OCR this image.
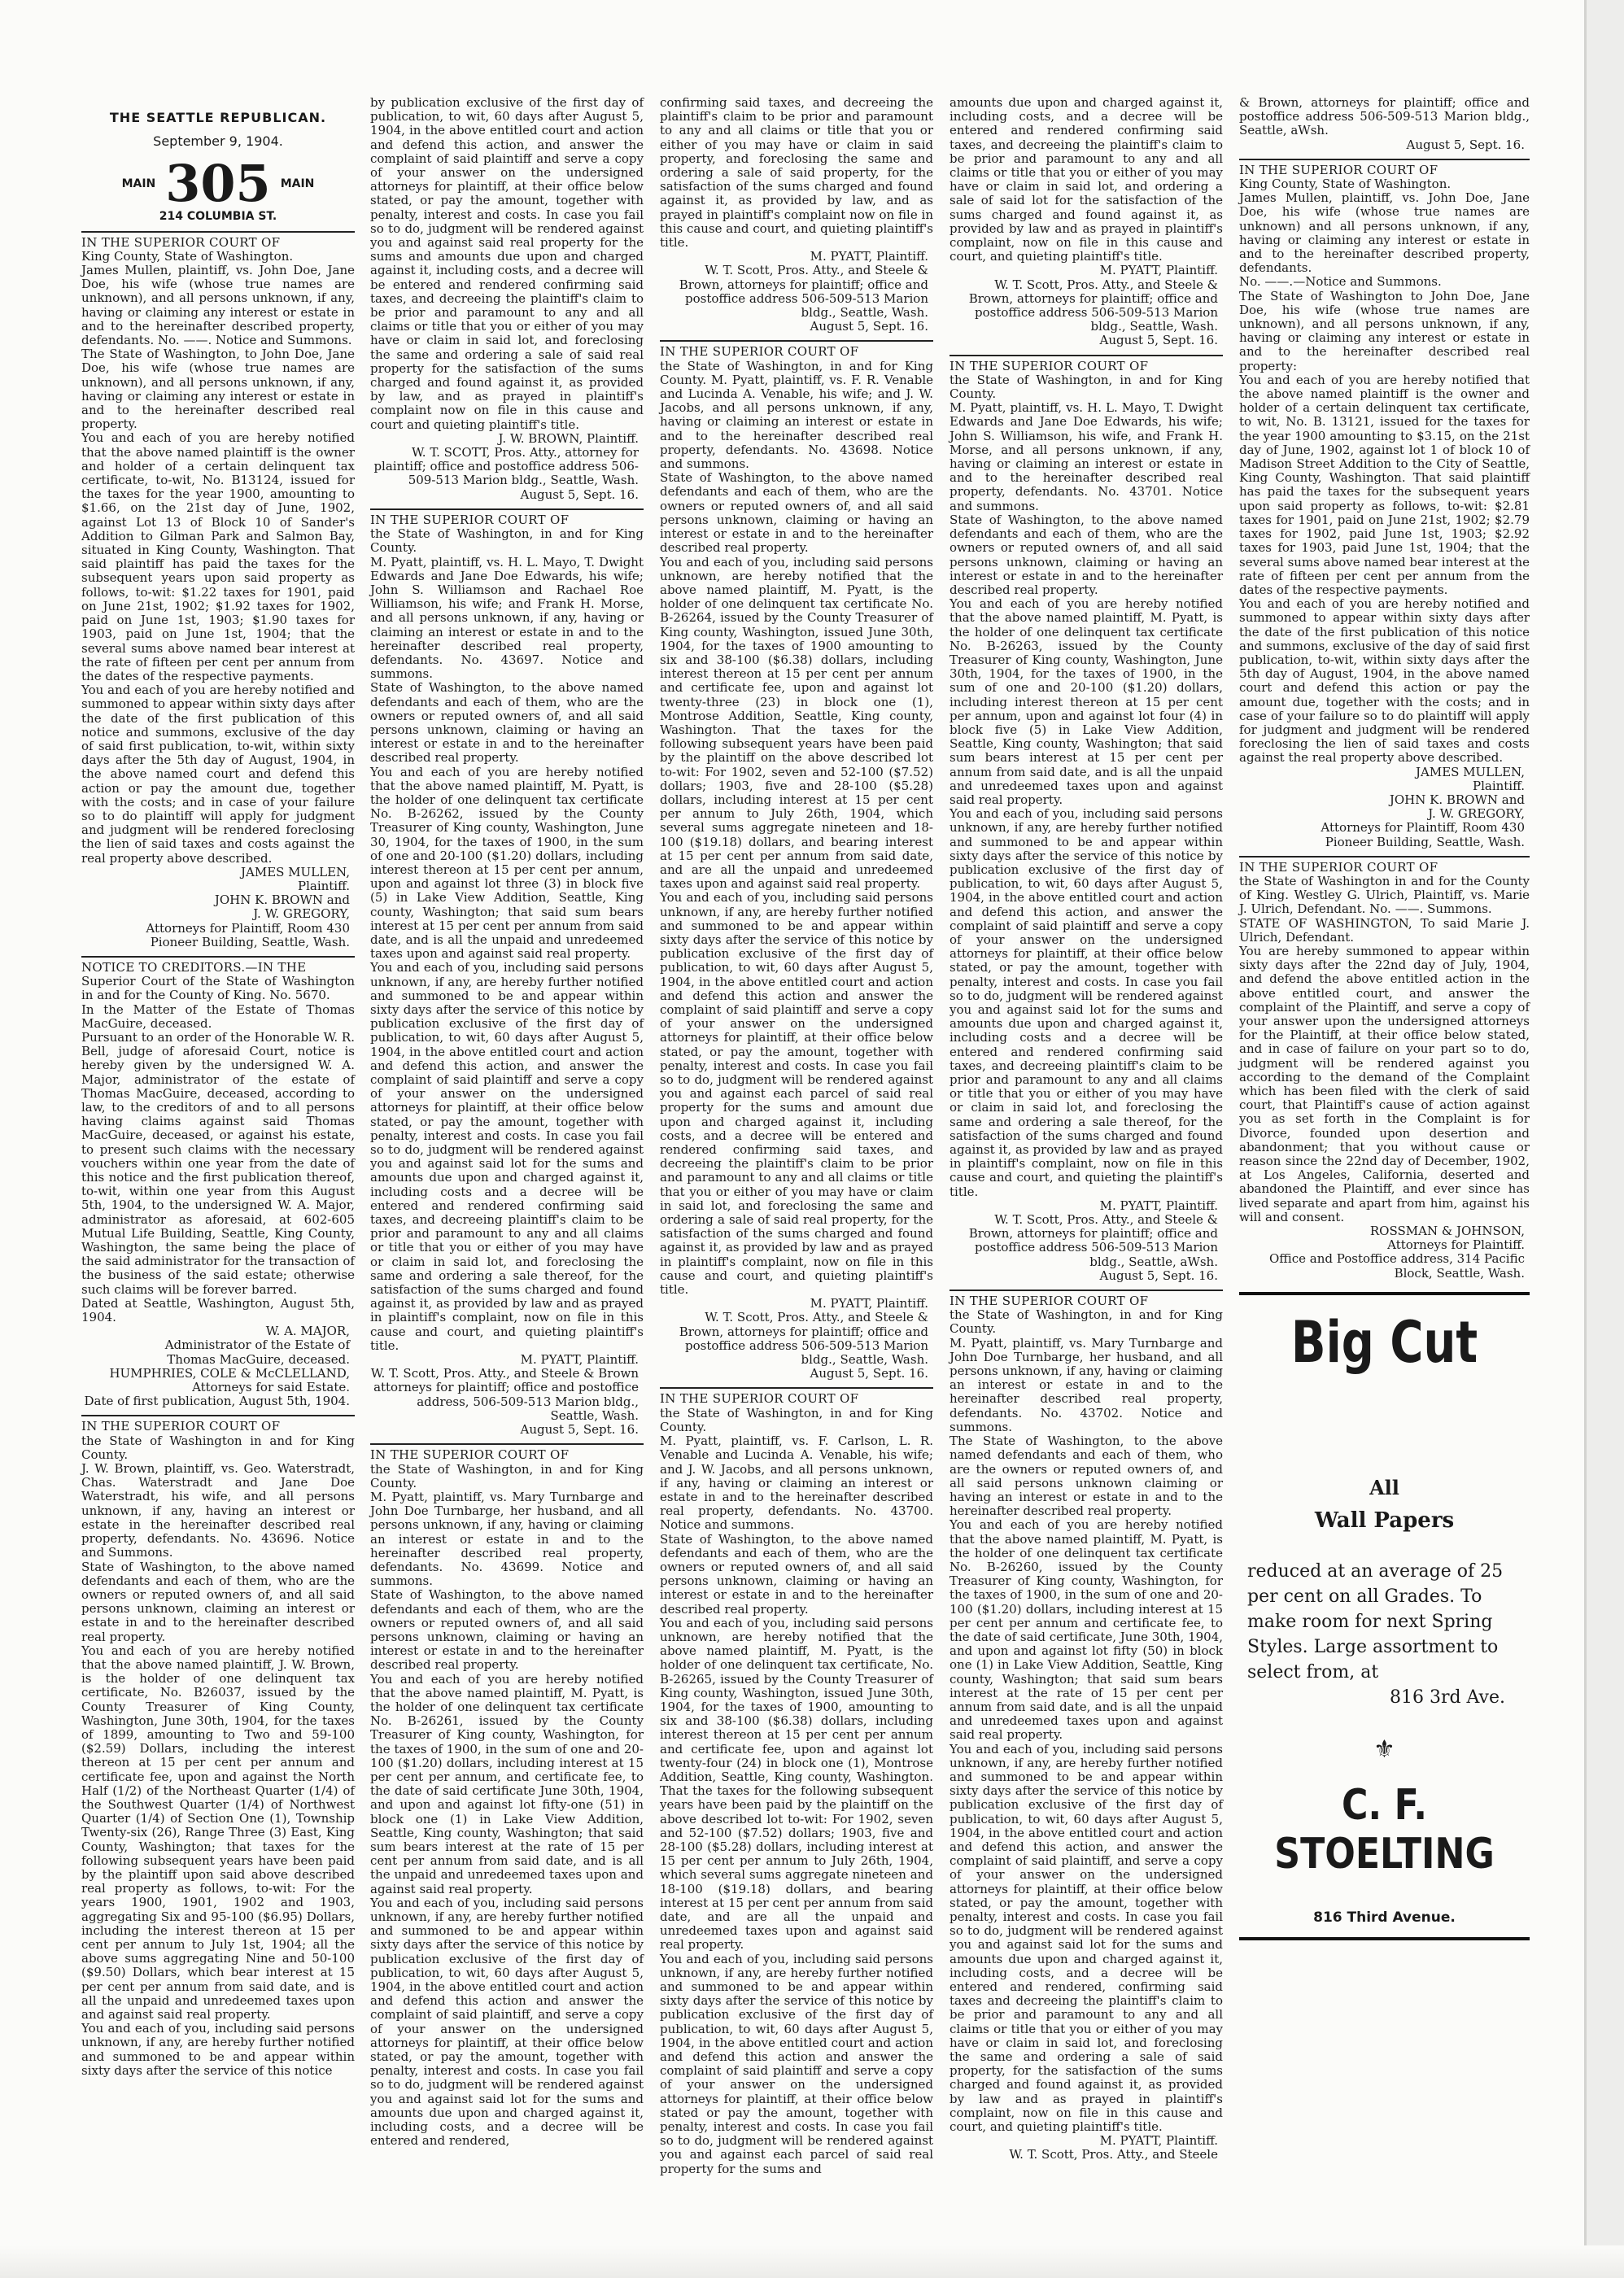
THE SEATTLE REPUBLICAN.
September 9, 1904.
MAIN 305 MAIN
214 COLUMBIA ST.
IN THE SUPERIOR COURT OF
King County, State of Washington.
James Mullen, plaintiff, vs. John Doe, Jane Doe, his wife (whose true names are unknown), and all persons unknown, if any, having or claiming any interest or estate in and to the hereinafter described property, defendants. No. ——. Notice and Summons.
The State of Washington, to John Doe, Jane Doe, his wife (whose true names are unknown), and all persons unknown, if any, having or claiming any interest or estate in and to the hereinafter described real property.
You and each of you are hereby notified that the above named plaintiff is the owner and holder of a certain delinquent tax certificate, to-wit, No. B13124, issued for the taxes for the year 1900, amounting to $1.66, on the 21st day of June, 1902, against Lot 13 of Block 10 of Sander's Addition to Gilman Park and Salmon Bay, situated in King County, Washington. That said plaintiff has paid the taxes for the subsequent years upon said property as follows, to-wit: $1.22 taxes for 1901, paid on June 21st, 1902; $1.92 taxes for 1902, paid on June 1st, 1903; $1.90 taxes for 1903, paid on June 1st, 1904; that the several sums above named bear interest at the rate of fifteen per cent per annum from the dates of the respective payments.
You and each of you are hereby notified and summoned to appear within sixty days after the date of the first publication of this notice and summons, exclusive of the day of said first publication, to-wit, within sixty days after the 5th day of August, 1904, in the above named court and defend this action or pay the amount due, together with the costs; and in case of your failure so to do plaintiff will apply for judgment and judgment will be rendered foreclosing the lien of said taxes and costs against the real property above described.
JAMES MULLEN,
Plaintiff.
JOHN K. BROWN and
J. W. GREGORY,
Attorneys for Plaintiff, Room 430
Pioneer Building, Seattle, Wash.
NOTICE TO CREDITORS.—IN THE
Superior Court of the State of Washington in and for the County of King. No. 5670.
In the Matter of the Estate of Thomas MacGuire, deceased.
Pursuant to an order of the Honorable W. R. Bell, judge of aforesaid Court, notice is hereby given by the undersigned W. A. Major, administrator of the estate of Thomas MacGuire, deceased, according to law, to the creditors of and to all persons having claims against said Thomas MacGuire, deceased, or against his estate, to present such claims with the necessary vouchers within one year from the date of this notice and the first publication thereof, to-wit, within one year from this August 5th, 1904, to the undersigned W. A. Major, administrator as aforesaid, at 602-605 Mutual Life Building, Seattle, King County, Washington, the same being the place of the said administrator for the transaction of the business of the said estate; otherwise such claims will be forever barred.
Dated at Seattle, Washington, August 5th, 1904.
W. A. MAJOR,
Administrator of the Estate of
Thomas MacGuire, deceased.
HUMPHRIES, COLE & McCLELLAND, Attorneys for said Estate.
Date of first publication, August 5th, 1904.
IN THE SUPERIOR COURT OF
the State of Washington in and for King County.
J. W. Brown, plaintiff, vs. Geo. Waterstradt, Chas. Waterstradt and Jane Doe Waterstradt, his wife, and all persons unknown, if any, having an interest or estate in the hereinafter described real property, defendants. No. 43696. Notice and Summons.
State of Washington, to the above named defendants and each of them, who are the owners or reputed owners of, and all said persons unknown, claiming an interest or estate in and to the hereinafter described real property.
You and each of you are hereby notified that the above named plaintiff, J. W. Brown, is the holder of one delinquent tax certificate, No. B26037, issued by the County Treasurer of King County, Washington, June 30th, 1904, for the taxes of 1899, amounting to Two and 59-100 ($2.59) Dollars, including the interest thereon at 15 per cent per annum and certificate fee, upon and against the North Half (1/2) of the Northeast Quarter (1/4) of the Southwest Quarter (1/4) of Northwest Quarter (1/4) of Section One (1), Township Twenty-six (26), Range Three (3) East, King County, Washington; that taxes for the following subsequent years have been paid by the plaintiff upon said above described real property as follows, to-wit: For the years 1900, 1901, 1902 and 1903, aggregating Six and 95-100 ($6.95) Dollars, including the interest thereon at 15 per cent per annum to July 1st, 1904; all the above sums aggregating Nine and 50-100 ($9.50) Dollars, which bear interest at 15 per cent per annum from said date, and is all the unpaid and unredeemed taxes upon and against said real property.
You and each of you, including said persons unknown, if any, are hereby further notified and summoned to be and appear within sixty days after the service of this notice
by publication exclusive of the first day of publication, to wit, 60 days after August 5, 1904, in the above entitled court and action and defend this action, and answer the complaint of said plaintiff and serve a copy of your answer on the undersigned attorneys for plaintiff, at their office below stated, or pay the amount, together with penalty, interest and costs. In case you fail so to do, judgment will be rendered against you and against said real property for the sums and amounts due upon and charged against it, including costs, and a decree will be entered and rendered confirming said taxes, and decreeing the plaintiff's claim to be prior and paramount to any and all claims or title that you or either of you may have or claim in said lot, and foreclosing the same and ordering a sale of said real property for the satisfaction of the sums charged and found against it, as provided by law, and as prayed in plaintiff's complaint now on file in this cause and court and quieting plaintiff's title.
J. W. BROWN, Plaintiff.
W. T. SCOTT, Pros. Atty., attorney for plaintiff; office and postoffice address 506-509-513 Marion bldg., Seattle, Wash.
August 5, Sept. 16.
IN THE SUPERIOR COURT OF
the State of Washington, in and for King County.
M. Pyatt, plaintiff, vs. H. L. Mayo, T. Dwight Edwards and Jane Doe Edwards, his wife; John S. Williamson and Rachael Roe Williamson, his wife; and Frank H. Morse, and all persons unknown, if any, having or claiming an interest or estate in and to the hereinafter described real property, defendants. No. 43697. Notice and summons.
State of Washington, to the above named defendants and each of them, who are the owners or reputed owners of, and all said persons unknown, claiming or having an interest or estate in and to the hereinafter described real property.
You and each of you are hereby notified that the above named plaintiff, M. Pyatt, is the holder of one delinquent tax certificate No. B-26262, issued by the County Treasurer of King county, Washington, June 30, 1904, for the taxes of 1900, in the sum of one and 20-100 ($1.20) dollars, including interest thereon at 15 per cent per annum, upon and against lot three (3) in block five (5) in Lake View Addition, Seattle, King county, Washington; that said sum bears interest at 15 per cent per annum from said date, and is all the unpaid and unredeemed taxes upon and against said real property.
You and each of you, including said persons unknown, if any, are hereby further notified and summoned to be and appear within sixty days after the service of this notice by publication exclusive of the first day of publication, to wit, 60 days after August 5, 1904, in the above entitled court and action and defend this action, and answer the complaint of said plaintiff and serve a copy of your answer on the undersigned attorneys for plaintiff, at their office below stated, or pay the amount, together with penalty, interest and costs. In case you fail so to do, judgment will be rendered against you and against said lot for the sums and amounts due upon and charged against it, including costs and a decree will be entered and rendered confirming said taxes, and decreeing plaintiff's claim to be prior and paramount to any and all claims or title that you or either of you may have or claim in said lot, and foreclosing the same and ordering a sale thereof, for the satisfaction of the sums charged and found against it, as provided by law and as prayed in plaintiff's complaint, now on file in this cause and court, and quieting plaintiff's title.
M. PYATT, Plaintiff.
W. T. Scott, Pros. Atty., and Steele & Brown attorneys for plaintiff; office and postoffice address, 506-509-513 Marion bldg., Seattle, Wash.
August 5, Sept. 16.
IN THE SUPERIOR COURT OF
the State of Washington, in and for King County.
M. Pyatt, plaintiff, vs. Mary Turnbarge and John Doe Turnbarge, her husband, and all persons unknown, if any, having or claiming an interest or estate in and to the hereinafter described real property, defendants. No. 43699. Notice and summons.
State of Washington, to the above named defendants and each of them, who are the owners or reputed owners of, and all said persons unknown, claiming or having an interest or estate in and to the hereinafter described real property.
You and each of you are hereby notified that the above named plaintiff, M. Pyatt, is the holder of one delinquent tax certificate No. B-26261, issued by the County Treasurer of King county, Washington, for the taxes of 1900, in the sum of one and 20-100 ($1.20) dollars, including interest at 15 per cent per annum, and certificate fee, to the date of said certificate June 30th, 1904, and upon and against lot fifty-one (51) in block one (1) in Lake View Addition, Seattle, King county, Washington; that said sum bears interest at the rate of 15 per cent per annum from said date, and is all the unpaid and unredeemed taxes upon and against said real property.
You and each of you, including said persons unknown, if any, are hereby further notified and summoned to be and appear within sixty days after the service of this notice by publication exclusive of the first day of publication, to wit, 60 days after August 5, 1904, in the above entitled court and action and defend this action and answer the complaint of said plaintiff, and serve a copy of your answer on the undersigned attorneys for plaintiff, at their office below stated, or pay the amount, together with penalty, interest and costs. In case you fail so to do, judgment will be rendered against you and against said lot for the sums and amounts due upon and charged against it, including costs, and a decree will be entered and rendered,
confirming said taxes, and decreeing the plaintiff's claim to be prior and paramount to any and all claims or title that you or either of you may have or claim in said property, and foreclosing the same and ordering a sale of said property, for the satisfaction of the sums charged and found against it, as provided by law, and as prayed in plaintiff's complaint now on file in this cause and court, and quieting plaintiff's title.
M. PYATT, Plaintiff.
W. T. Scott, Pros. Atty., and Steele & Brown, attorneys for plaintiff; office and postoffice address 506-509-513 Marion bldg., Seattle, Wash.
August 5, Sept. 16.
IN THE SUPERIOR COURT OF
the State of Washington, in and for King County. M. Pyatt, plaintiff, vs. F. R. Venable and Lucinda A. Venable, his wife; and J. W. Jacobs, and all persons unknown, if any, having or claiming an interest or estate in and to the hereinafter described real property, defendants. No. 43698. Notice and summons.
State of Washington, to the above named defendants and each of them, who are the owners or reputed owners of, and all said persons unknown, claiming or having an interest or estate in and to the hereinafter described real property.
You and each of you, including said persons unknown, are hereby notified that the above named plaintiff, M. Pyatt, is the holder of one delinquent tax certificate No. B-26264, issued by the County Treasurer of King county, Washington, issued June 30th, 1904, for the taxes of 1900 amounting to six and 38-100 ($6.38) dollars, including interest thereon at 15 per cent per annum and certificate fee, upon and against lot twenty-three (23) in block one (1), Montrose Addition, Seattle, King county, Washington. That the taxes for the following subsequent years have been paid by the plaintiff on the above described lot to-wit: For 1902, seven and 52-100 ($7.52) dollars; 1903, five and 28-100 ($5.28) dollars, including interest at 15 per cent per annum to July 26th, 1904, which several sums aggregate nineteen and 18-100 ($19.18) dollars, and bearing interest at 15 per cent per annum from said date, and are all the unpaid and unredeemed taxes upon and against said real property.
You and each of you, including said persons unknown, if any, are hereby further notified and summoned to be and appear within sixty days after the service of this notice by publication exclusive of the first day of publication, to wit, 60 days after August 5, 1904, in the above entitled court and action and defend this action and answer the complaint of said plaintiff and serve a copy of your answer on the undersigned attorneys for plaintiff, at their office below stated, or pay the amount, together with penalty, interest and costs. In case you fail so to do, judgment will be rendered against you and against each parcel of said real property for the sums and amount due upon and charged against it, including costs, and a decree will be entered and rendered confirming said taxes, and decreeing the plaintiff's claim to be prior and paramount to any and all claims or title that you or either of you may have or claim in said lot, and foreclosing the same and ordering a sale of said real property, for the satisfaction of the sums charged and found against it, as provided by law and as prayed in plaintiff's complaint, now on file in this cause and court, and quieting plaintiff's title.
M. PYATT, Plaintiff.
W. T. Scott, Pros. Atty., and Steele & Brown, attorneys for plaintiff; office and postoffice address 506-509-513 Marion bldg., Seattle, Wash.
August 5, Sept. 16.
IN THE SUPERIOR COURT OF
the State of Washington, in and for King County.
M. Pyatt, plaintiff, vs. F. Carlson, L. R. Venable and Lucinda A. Venable, his wife; and J. W. Jacobs, and all persons unknown, if any, having or claiming an interest or estate in and to the hereinafter described real property, defendants. No. 43700. Notice and summons.
State of Washington, to the above named defendants and each of them, who are the owners or reputed owners of, and all said persons unknown, claiming or having an interest or estate in and to the hereinafter described real property.
You and each of you, including said persons unknown, are hereby notified that the above named plaintiff, M. Pyatt, is the holder of one delinquent tax certificate, No. B-26265, issued by the County Treasurer of King county, Washington, issued June 30th, 1904, for the taxes of 1900, amounting to six and 38-100 ($6.38) dollars, including interest thereon at 15 per cent per annum and certificate fee, upon and against lot twenty-four (24) in block one (1), Montrose Addition, Seattle, King county, Washington. That the taxes for the following subsequent years have been paid by the plaintiff on the above described lot to-wit: For 1902, seven and 52-100 ($7.52) dollars; 1903, five and 28-100 ($5.28) dollars, including interest at 15 per cent per annum to July 26th, 1904, which several sums aggregate nineteen and 18-100 ($19.18) dollars, and bearing interest at 15 per cent per annum from said date, and are all the unpaid and unredeemed taxes upon and against said real property.
You and each of you, including said persons unknown, if any, are hereby further notified and summoned to be and appear within sixty days after the service of this notice by publication exclusive of the first day of publication, to wit, 60 days after August 5, 1904, in the above entitled court and action and defend this action and answer the complaint of said plaintiff and serve a copy of your answer on the undersigned attorneys for plaintiff, at their office below stated or pay the amount, together with penalty, interest and costs. In case you fail so to do, judgment will be rendered against you and against each parcel of said real property for the sums and
amounts due upon and charged against it, including costs, and a decree will be entered and rendered confirming said taxes, and decreeing the plaintiff's claim to be prior and paramount to any and all claims or title that you or either of you may have or claim in said lot, and ordering a sale of said lot for the satisfaction of the sums charged and found against it, as provided by law and as prayed in plaintiff's complaint, now on file in this cause and court, and quieting plaintiff's title.
M. PYATT, Plaintiff.
W. T. Scott, Pros. Atty., and Steele & Brown, attorneys for plaintiff; office and postoffice address 506-509-513 Marion bldg., Seattle, Wash.
August 5, Sept. 16.
IN THE SUPERIOR COURT OF
the State of Washington, in and for King County.
M. Pyatt, plaintiff, vs. H. L. Mayo, T. Dwight Edwards and Jane Doe Edwards, his wife; John S. Williamson, his wife, and Frank H. Morse, and all persons unknown, if any, having or claiming an interest or estate in and to the hereinafter described real property, defendants. No. 43701. Notice and summons.
State of Washington, to the above named defendants and each of them, who are the owners or reputed owners of, and all said persons unknown, claiming or having an interest or estate in and to the hereinafter described real property.
You and each of you are hereby notified that the above named plaintiff, M. Pyatt, is the holder of one delinquent tax certificate No. B-26263, issued by the County Treasurer of King county, Washington, June 30th, 1904, for the taxes of 1900, in the sum of one and 20-100 ($1.20) dollars, including interest thereon at 15 per cent per annum, upon and against lot four (4) in block five (5) in Lake View Addition, Seattle, King county, Washington; that said sum bears interest at 15 per cent per annum from said date, and is all the unpaid and unredeemed taxes upon and against said real property.
You and each of you, including said persons unknown, if any, are hereby further notified and summoned to be and appear within sixty days after the service of this notice by publication exclusive of the first day of publication, to wit, 60 days after August 5, 1904, in the above entitled court and action and defend this action, and answer the complaint of said plaintiff and serve a copy of your answer on the undersigned attorneys for plaintiff, at their office below stated, or pay the amount, together with penalty, interest and costs. In case you fail so to do, judgment will be rendered against you and against said lot for the sums and amounts due upon and charged against it, including costs and a decree will be entered and rendered confirming said taxes, and decreeing plaintiff's claim to be prior and paramount to any and all claims or title that you or either of you may have or claim in said lot, and foreclosing the same and ordering a sale thereof, for the satisfaction of the sums charged and found against it, as provided by law and as prayed in plaintiff's complaint, now on file in this cause and court, and quieting the plaintiff's title.
M. PYATT, Plaintiff.
W. T. Scott, Pros. Atty., and Steele & Brown, attorneys for plaintiff; office and postoffice address 506-509-513 Marion bldg., Seattle, aWsh.
August 5, Sept. 16.
IN THE SUPERIOR COURT OF
the State of Washington, in and for King County.
M. Pyatt, plaintiff, vs. Mary Turnbarge and John Doe Turnbarge, her husband, and all persons unknown, if any, having or claiming an interest or estate in and to the hereinafter described real property, defendants. No. 43702. Notice and summons.
The State of Washington, to the above named defendants and each of them, who are the owners or reputed owners of, and all said persons unknown claiming or having an interest or estate in and to the hereinafter described real property.
You and each of you are hereby notified that the above named plaintiff, M. Pyatt, is the holder of one delinquent tax certificate No. B-26260, issued by the County Treasurer of King county, Washington, for the taxes of 1900, in the sum of one and 20-100 ($1.20) dollars, including interest at 15 per cent per annum and certificate fee, to the date of said certificate, June 30th, 1904, and upon and against lot fifty (50) in block one (1) in Lake View Addition, Seattle, King county, Washington; that said sum bears interest at the rate of 15 per cent per annum from said date, and is all the unpaid and unredeemed taxes upon and against said real property.
You and each of you, including said persons unknown, if any, are hereby further notified and summoned to be and appear within sixty days after the service of this notice by publication exclusive of the first day of publication, to wit, 60 days after August 5, 1904, in the above entitled court and action and defend this action, and answer the complaint of said plaintiff, and serve a copy of your answer on the undersigned attorneys for plaintiff, at their office below stated, or pay the amount, together with penalty, interest and costs. In case you fail so to do, judgment will be rendered against you and against said lot for the sums and amounts due upon and charged against it, including costs, and a decree will be entered and rendered, confirming said taxes and decreeing the plaintiff's claim to be prior and paramount to any and all claims or title that you or either of you may have or claim in said lot, and foreclosing the same and ordering a sale of said property, for the satisfaction of the sums charged and found against it, as provided by law and as prayed in plaintiff's complaint, now on file in this cause and court, and quieting plaintiff's title.
M. PYATT, Plaintiff.
W. T. Scott, Pros. Atty., and Steele
& Brown, attorneys for plaintiff; office and postoffice address 506-509-513 Marion bldg., Seattle, aWsh.
August 5, Sept. 16.
IN THE SUPERIOR COURT OF
King County, State of Washington.
James Mullen, plaintiff, vs. John Doe, Jane Doe, his wife (whose true names are unknown) and all persons unknown, if any, having or claiming any interest or estate in and to the hereinafter described property, defendants.
No. ——.—Notice and Summons.
The State of Washington to John Doe, Jane Doe, his wife (whose true names are unknown), and all persons unknown, if any, having or claiming any interest or estate in and to the hereinafter described real property:
You and each of you are hereby notified that the above named plaintiff is the owner and holder of a certain delinquent tax certificate, to wit, No. B. 13121, issued for the taxes for the year 1900 amounting to $3.15, on the 21st day of June, 1902, against lot 1 of block 10 of Madison Street Addition to the City of Seattle, King County, Washington. That said plaintiff has paid the taxes for the subsequent years upon said property as follows, to-wit: $2.81 taxes for 1901, paid on June 21st, 1902; $2.79 taxes for 1902, paid June 1st, 1903; $2.92 taxes for 1903, paid June 1st, 1904; that the several sums above named bear interest at the rate of fifteen per cent per annum from the dates of the respective payments.
You and each of you are hereby notified and summoned to appear within sixty days after the date of the first publication of this notice and summons, exclusive of the day of said first publication, to-wit, within sixty days after the 5th day of August, 1904, in the above named court and defend this action or pay the amount due, together with the costs; and in case of your failure so to do plaintiff will apply for judgment and judgment will be rendered foreclosing the lien of said taxes and costs against the real property above described.
JAMES MULLEN,
Plaintiff.
JOHN K. BROWN and
J. W. GREGORY,
Attorneys for Plaintiff, Room 430
Pioneer Building, Seattle, Wash.
IN THE SUPERIOR COURT OF
the State of Washington in and for the County of King. Westley G. Ulrich, Plaintiff, vs. Marie J. Ulrich, Defendant. No. ——. Summons.
STATE OF WASHINGTON, To said Marie J. Ulrich, Defendant.
You are hereby summoned to appear within sixty days after the 22nd day of July, 1904, and defend the above entitled action in the above entitled court, and answer the complaint of the Plaintiff, and serve a copy of your answer upon the undersigned attorneys for the Plaintiff, at their office below stated, and in case of failure on your part so to do, judgment will be rendered against you according to the demand of the Complaint which has been filed with the clerk of said court, that Plaintiff's cause of action against you as set forth in the Complaint is for Divorce, founded upon desertion and abandonment; that you without cause or reason since the 22nd day of December, 1902, at Los Angeles, California, deserted and abandoned the Plaintiff, and ever since has lived separate and apart from him, against his will and consent.
ROSSMAN & JOHNSON,
Attorneys for Plaintiff.
Office and Postoffice address, 314 Pacific Block, Seattle, Wash.
Big Cut
All
Wall Papers
reduced at an average of 25 per cent on all Grades. To make room for next Spring Styles. Large assortment to select from, at
816 3rd Ave.
⚜
C. F. STOELTING
816 Third Avenue.
